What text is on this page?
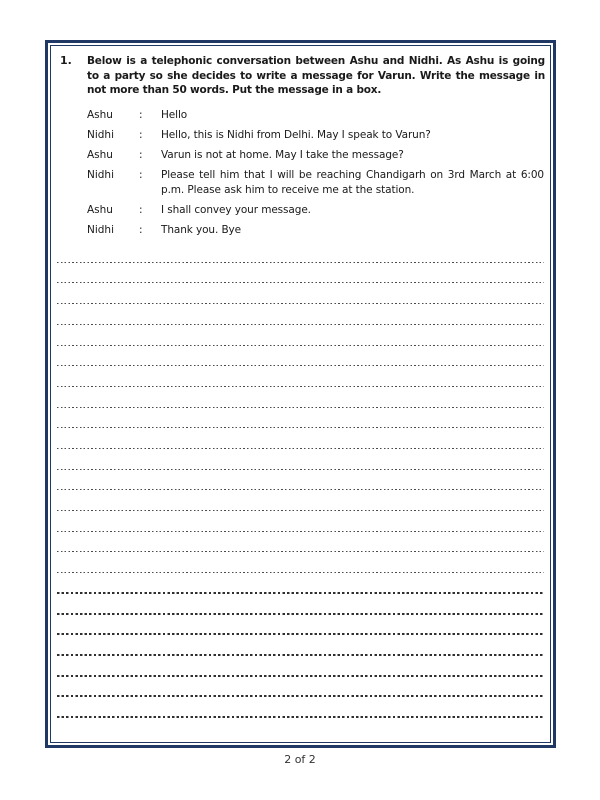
1.	Below is a telephonic conversation between Ashu and Nidhi. As Ashu is going to a party so she decides to write a message for Varun. Write the message in not more than 50 words. Put the message in a box.
Ashu	:	Hello
Nidhi	:	Hello, this is Nidhi from Delhi. May I speak to Varun?
Ashu	:	Varun is not at home. May I take the message?
Nidhi	:	Please tell him that I will be reaching Chandigarh on 3rd March at 6:00 p.m. Please ask him to receive me at the station.
Ashu	:	I shall convey your message.
Nidhi	:	Thank you. Bye
2 of 2
